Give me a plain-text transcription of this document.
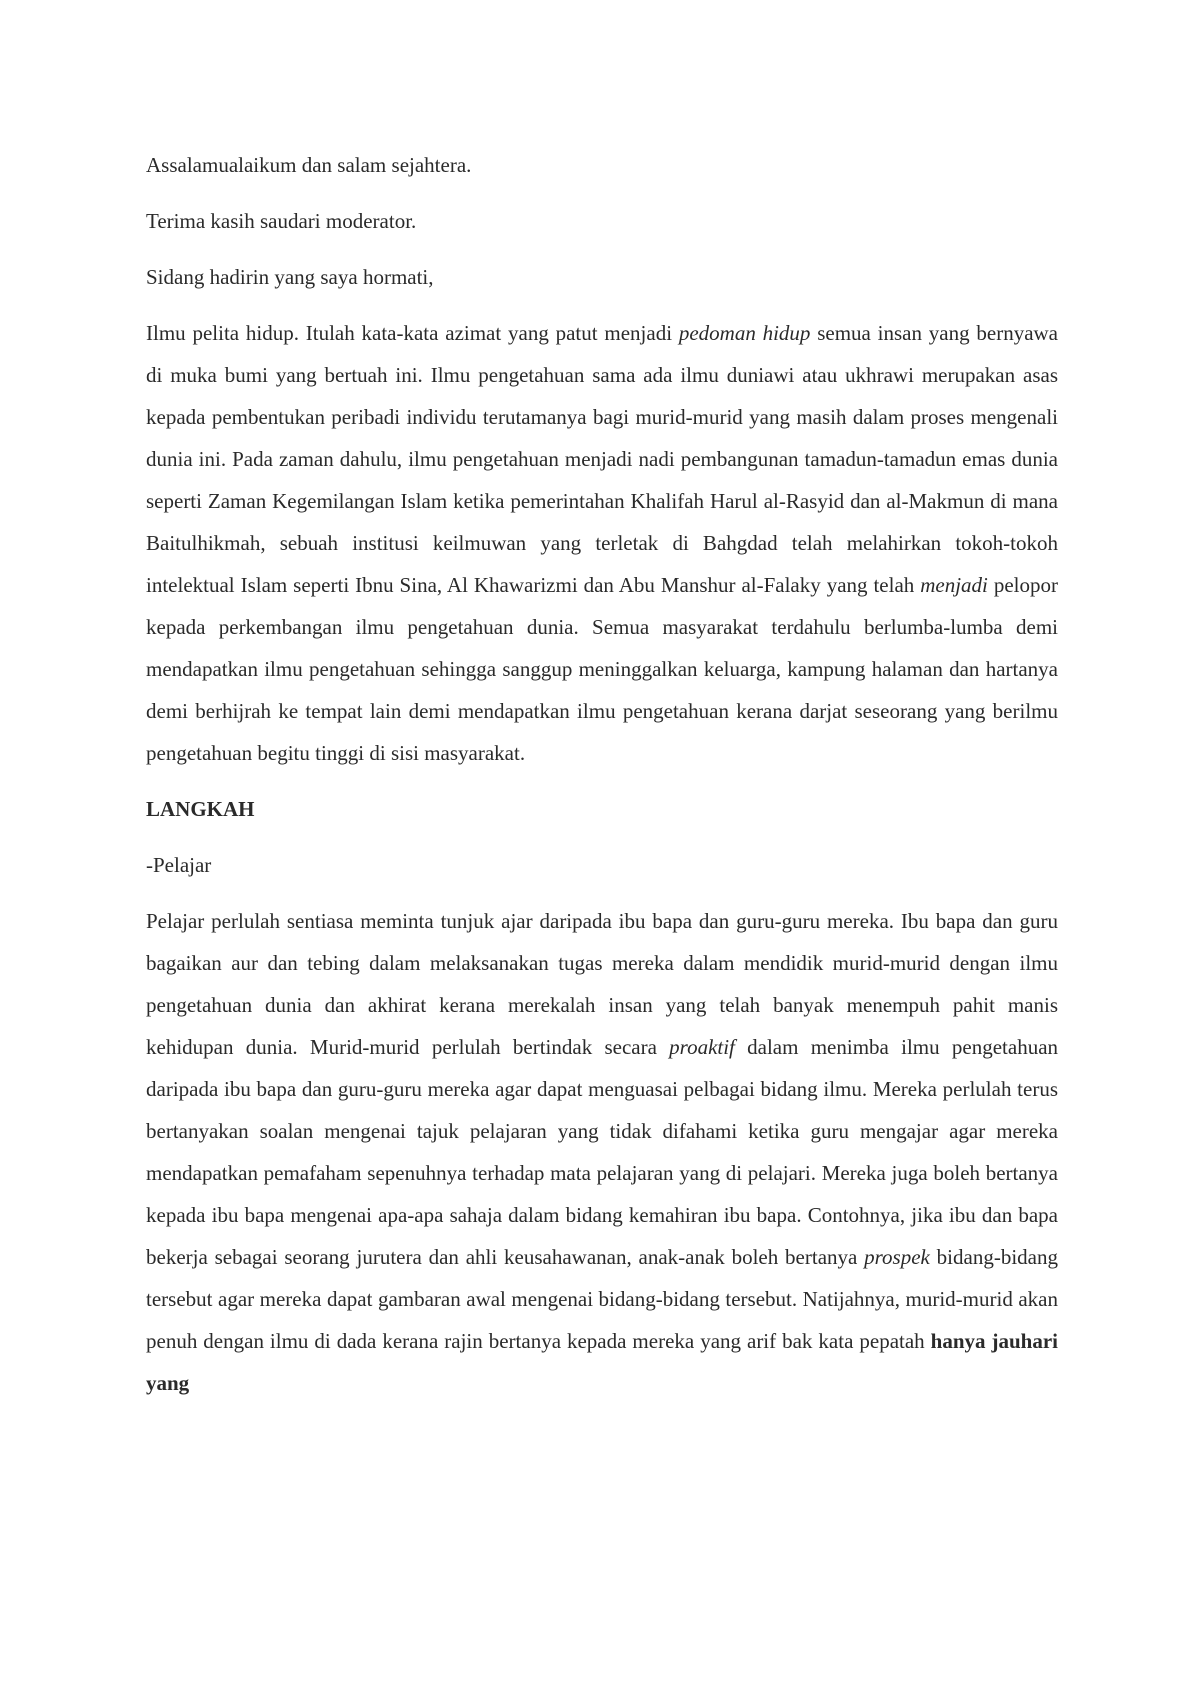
Assalamualaikum dan salam sejahtera.

Terima kasih saudari moderator.

Sidang hadirin yang saya hormati,

Ilmu pelita hidup. Itulah kata-kata azimat yang patut menjadi pedoman hidup semua insan yang bernyawa di muka bumi yang bertuah ini. Ilmu pengetahuan sama ada ilmu duniawi atau ukhrawi merupakan asas kepada pembentukan peribadi individu terutamanya bagi murid-murid yang masih dalam proses mengenali dunia ini. Pada zaman dahulu, ilmu pengetahuan menjadi nadi pembangunan tamadun-tamadun emas dunia seperti Zaman Kegemilangan Islam ketika pemerintahan Khalifah Harul al-Rasyid dan al-Makmun di mana Baitulhikmah, sebuah institusi keilmuwan yang terletak di Bahgdad telah melahirkan tokoh-tokoh intelektual Islam seperti Ibnu Sina, Al Khawarizmi dan Abu Manshur al-Falaky yang telah menjadi pelopor kepada perkembangan ilmu pengetahuan dunia. Semua masyarakat terdahulu berlumba-lumba demi mendapatkan ilmu pengetahuan sehingga sanggup meninggalkan keluarga, kampung halaman dan hartanya demi berhijrah ke tempat lain demi mendapatkan ilmu pengetahuan kerana darjat seseorang yang berilmu pengetahuan begitu tinggi di sisi masyarakat.

LANGKAH

-Pelajar

Pelajar perlulah sentiasa meminta tunjuk ajar daripada ibu bapa dan guru-guru mereka. Ibu bapa dan guru bagaikan aur dan tebing dalam melaksanakan tugas mereka dalam mendidik murid-murid dengan ilmu pengetahuan dunia dan akhirat kerana merekalah insan yang telah banyak menempuh pahit manis kehidupan dunia. Murid-murid perlulah bertindak secara proaktif dalam menimba ilmu pengetahuan daripada ibu bapa dan guru-guru mereka agar dapat menguasai pelbagai bidang ilmu. Mereka perlulah terus bertanyakan soalan mengenai tajuk pelajaran yang tidak difahami ketika guru mengajar agar mereka mendapatkan pemafaham sepenuhnya terhadap mata pelajaran yang di pelajari. Mereka juga boleh bertanya kepada ibu bapa mengenai apa-apa sahaja dalam bidang kemahiran ibu bapa. Contohnya, jika ibu dan bapa bekerja sebagai seorang jurutera dan ahli keusahawanan, anak-anak boleh bertanya prospek bidang-bidang tersebut agar mereka dapat gambaran awal mengenai bidang-bidang tersebut. Natijahnya, murid-murid akan penuh dengan ilmu di dada kerana rajin bertanya kepada mereka yang arif bak kata pepatah hanya jauhari yang
